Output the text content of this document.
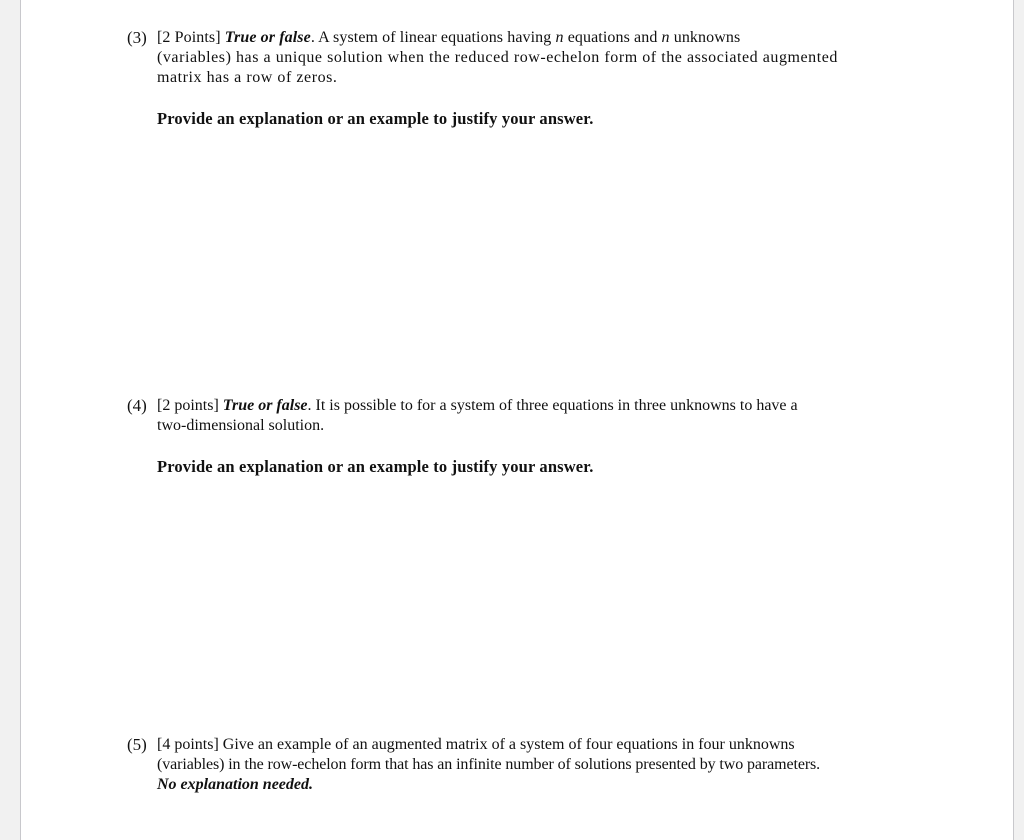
(3) [2 Points] True or false. A system of linear equations having n equations and n unknowns
(variables) has a unique solution when the reduced row-echelon form of the associated augmented
matrix has a row of zeros.
Provide an explanation or an example to justify your answer.
(4) [2 points] True or false. It is possible to for a system of three equations in three unknowns to have a
two-dimensional solution.
Provide an explanation or an example to justify your answer.
(5) [4 points] Give an example of an augmented matrix of a system of four equations in four unknowns
(variables) in the row-echelon form that has an infinite number of solutions presented by two parameters.
No explanation needed.
